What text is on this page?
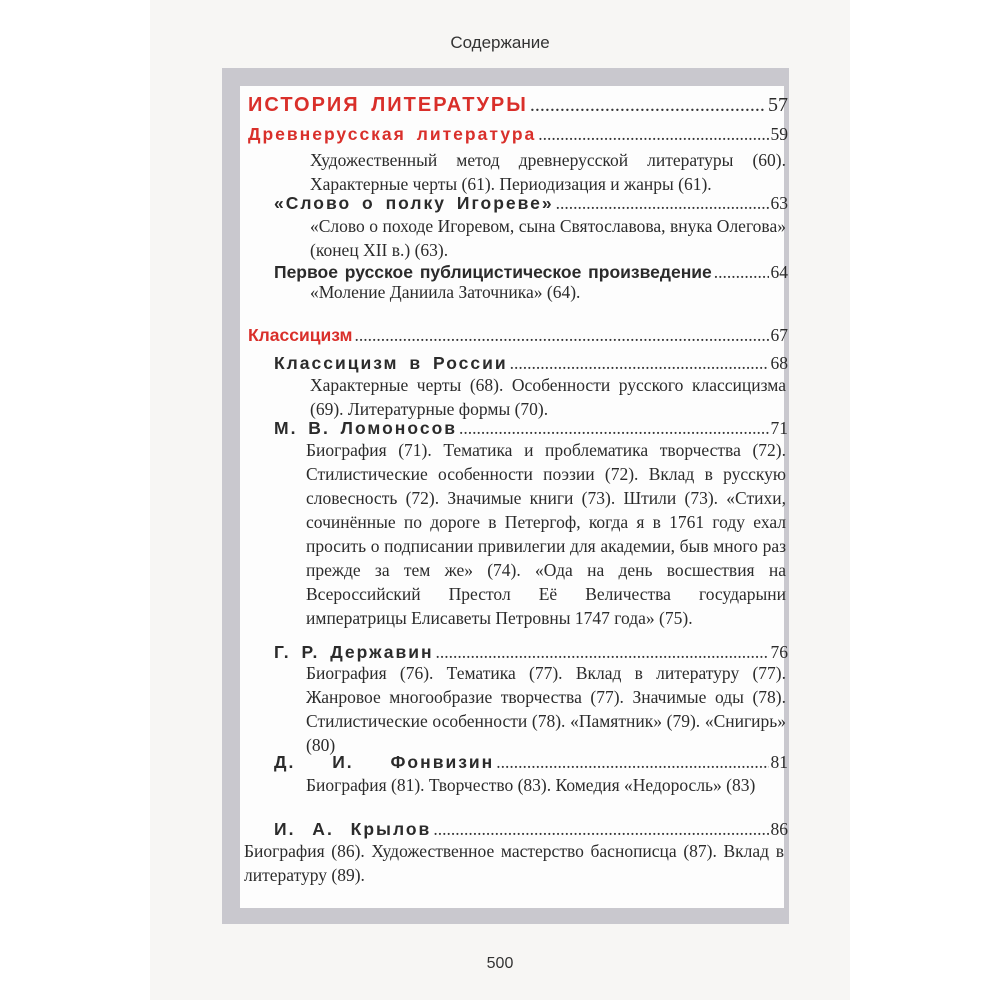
Содержание
ИСТОРИЯ ЛИТЕРАТУРЫ .....	57
Древнерусская литература .....	59
Художественный метод древнерусской литературы (60). Характерные черты (61). Периодизация и жанры (61).
«Слово о полку Игореве» .....	63
«Слово о походе Игоревом, сына Святославова, внука Олегова» (конец XII в.) (63).
Первое русское публицистическое произведение .....	64
«Моление Даниила Заточника» (64).
Классицизм .....	67
Классицизм в России .....	68
Характерные черты (68). Особенности русского классицизма (69). Литературные формы (70).
М. В. Ломоносов .....	71
Биография (71). Тематика и проблематика творчества (72). Стилистические особенности поэзии (72). Вклад в русскую словесность (72). Значимые книги (73). Штили (73). «Стихи, сочинённые по дороге в Петергоф, когда я в 1761 году ехал просить о подписании привилегии для академии, быв много раз прежде за тем же» (74). «Ода на день восшествия на Всероссийский Престол Её Величества государыни императрицы Елисаветы Петровны 1747 года» (75).
Г. Р. Державин .....	76
Биография (76). Тематика (77). Вклад в литературу (77). Жанровое многообразие творчества (77). Значимые оды (78). Стилистические особенности (78). «Памятник» (79). «Снигирь» (80)
Д. И. Фонвизин .....	81
Биография (81). Творчество (83). Комедия «Недоросль» (83)
И. А. Крылов .....	86
Биография (86). Художественное мастерство баснописца (87). Вклад в литературу (89).
500
